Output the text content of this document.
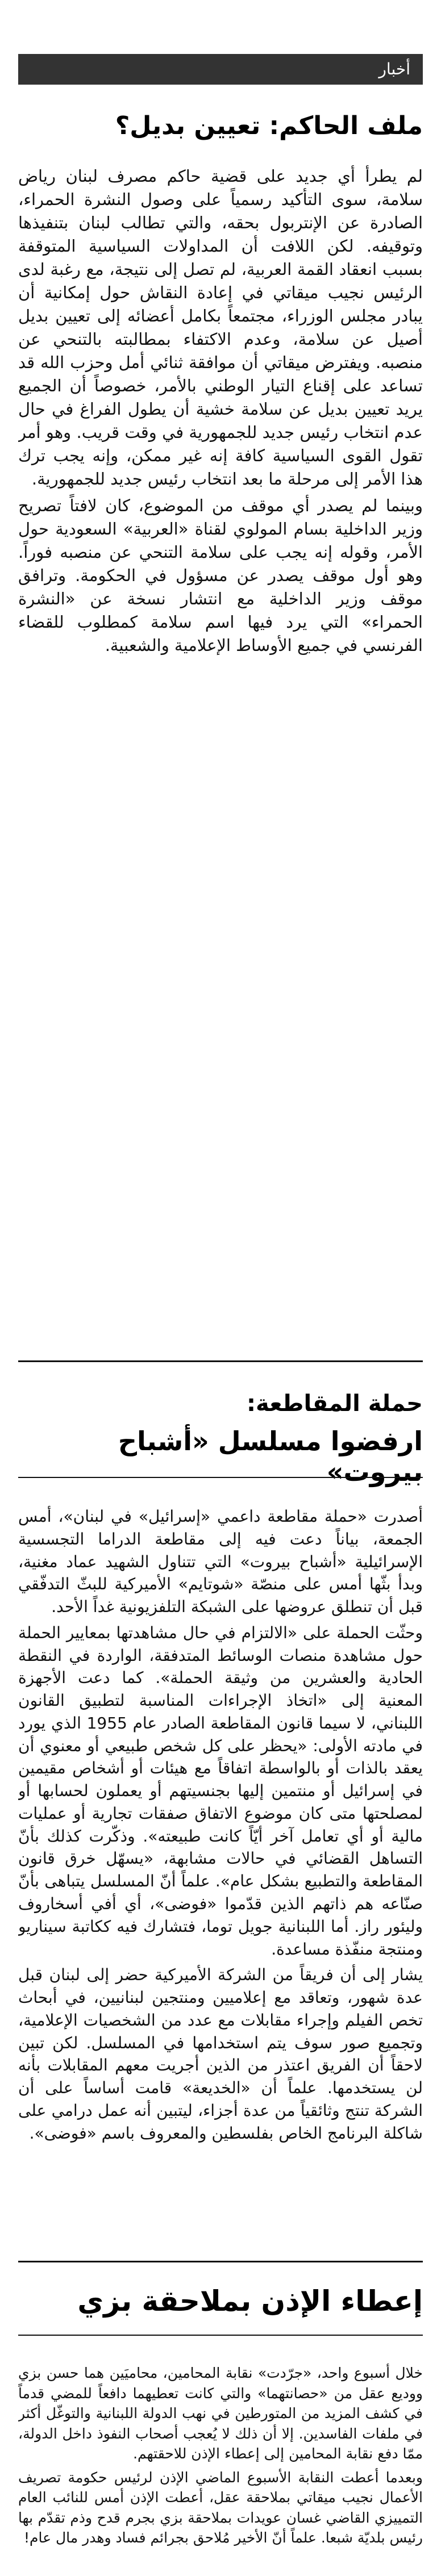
أخبار
ملف الحاكم: تعيين بديل؟

لم يطرأ أي جديد على قضية حاكم مصرف لبنان رياض سلامة، سوى التأكيد رسمياً على وصول النشرة الحمراء، الصادرة عن الإنتربول بحقه، والتي تطالب لبنان بتنفيذها وتوقيفه. لكن اللافت أن المداولات السياسية المتوقفة بسبب انعقاد القمة العربية، لم تصل إلى نتيجة، مع رغبة لدى الرئيس نجيب ميقاتي في إعادة النقاش حول إمكانية أن يبادر مجلس الوزراء، مجتمعاً بكامل أعضائه إلى تعيين بديل أصيل عن سلامة، وعدم الاكتفاء بمطالبته بالتنحي عن منصبه. ويفترض ميقاتي أن موافقة ثنائي أمل وحزب الله قد تساعد على إقناع التيار الوطني بالأمر، خصوصاً أن الجميع يريد تعيين بديل عن سلامة خشية أن يطول الفراغ في حال عدم انتخاب رئيس جديد للجمهورية في وقت قريب. وهو أمر تقول القوى السياسية كافة إنه غير ممكن، وإنه يجب ترك هذا الأمر إلى مرحلة ما بعد انتخاب رئيس جديد للجمهورية.

وبينما لم يصدر أي موقف من الموضوع، كان لافتاً تصريح وزير الداخلية بسام المولوي لقناة «العربية» السعودية حول الأمر، وقوله إنه يجب على سلامة التنحي عن منصبه فوراً. وهو أول موقف يصدر عن مسؤول في الحكومة. وترافق موقف وزير الداخلية مع انتشار نسخة عن «النشرة الحمراء» التي يرد فيها اسم سلامة كمطلوب للقضاء الفرنسي في جميع الأوساط الإعلامية والشعبية.

حملة المقاطعة:
ارفضوا مسلسل «أشباح بيروت»

أصدرت «حملة مقاطعة داعمي «إسرائيل» في لبنان»، أمس الجمعة، بياناً دعت فيه إلى مقاطعة الدراما التجسسية الإسرائيلية «أشباح بيروت» التي تتناول الشهيد عماد مغنية، وبدأ بثّها أمس على منصّة «شوتايم» الأميركية للبثّ التدفّقي قبل أن تنطلق عروضها على الشبكة التلفزيونية غداً الأحد.

وحثّت الحملة على «الالتزام في حال مشاهدتها بمعايير الحملة حول مشاهدة منصات الوسائط المتدفقة، الواردة في النقطة الحادية والعشرين من وثيقة الحملة». كما دعت الأجهزة المعنية إلى «اتخاذ الإجراءات المناسبة لتطبيق القانون اللبناني، لا سيما قانون المقاطعة الصادر عام 1955 الذي يورد في مادته الأولى: «يحظر على كل شخص طبيعي أو معنوي أن يعقد بالذات أو بالواسطة اتفاقاً مع هيئات أو أشخاص مقيمين في إسرائيل أو منتمين إليها بجنسيتهم أو يعملون لحسابها أو لمصلحتها متى كان موضوع الاتفاق صفقات تجارية أو عمليات مالية أو أي تعامل آخر أيّاً كانت طبيعته». وذكّرت كذلك بأنّ التساهل القضائي في حالات مشابهة، «يسهّل خرق قانون المقاطعة والتطبيع بشكل عام». علماً أنّ المسلسل يتباهى بأنّ صنّاعه هم ذاتهم الذين قدّموا «فوضى»، أي أفي أسخاروف وليئور راز. أما اللبنانية جويل توما، فتشارك فيه ككاتبة سيناريو ومنتجة منفّذة مساعدة.

يشار إلى أن فريقاً من الشركة الأميركية حضر إلى لبنان قبل عدة شهور، وتعاقد مع إعلاميين ومنتجين لبنانيين، في أبحاث تخص الفيلم وإجراء مقابلات مع عدد من الشخصيات الإعلامية، وتجميع صور سوف يتم استخدامها في المسلسل. لكن تبين لاحقاً أن الفريق اعتذر من الذين أجريت معهم المقابلات بأنه لن يستخدمها. علماً أن «الخديعة» قامت أساساً على أن الشركة تنتج وثائقياً من عدة أجزاء، ليتبين أنه عمل درامي على شاكلة البرنامج الخاص بفلسطين والمعروف باسم «فوضى».

إعطاء الإذن بملاحقة بزي

خلال أسبوع واحد، «جرّدت» نقابة المحامين، محاميَين هما حسن بزي ووديع عقل من «حصانتهما» والتي كانت تعطيهما دافعاً للمضي قدماً في كشف المزيد من المتورطين في نهب الدولة اللبنانية والتوغّل أكثر في ملفات الفاسدين. إلا أن ذلك لا يُعجب أصحاب النفوذ داخل الدولة، ممّا دفع نقابة المحامين إلى إعطاء الإذن للاحقتهم.

وبعدما أعطت النقابة الأسبوع الماضي الإذن لرئيس حكومة تصريف الأعمال نجيب ميقاتي بملاحقة عقل، أعطت الإذن أمس للنائب العام التمييزي القاضي غسان عويدات بملاحقة بزي بجرم قدح وذم تقدّم بها رئيس بلديّة شبعا. علماً أنّ الأخير مُلاحق بجرائم فساد وهدر مال عام!
